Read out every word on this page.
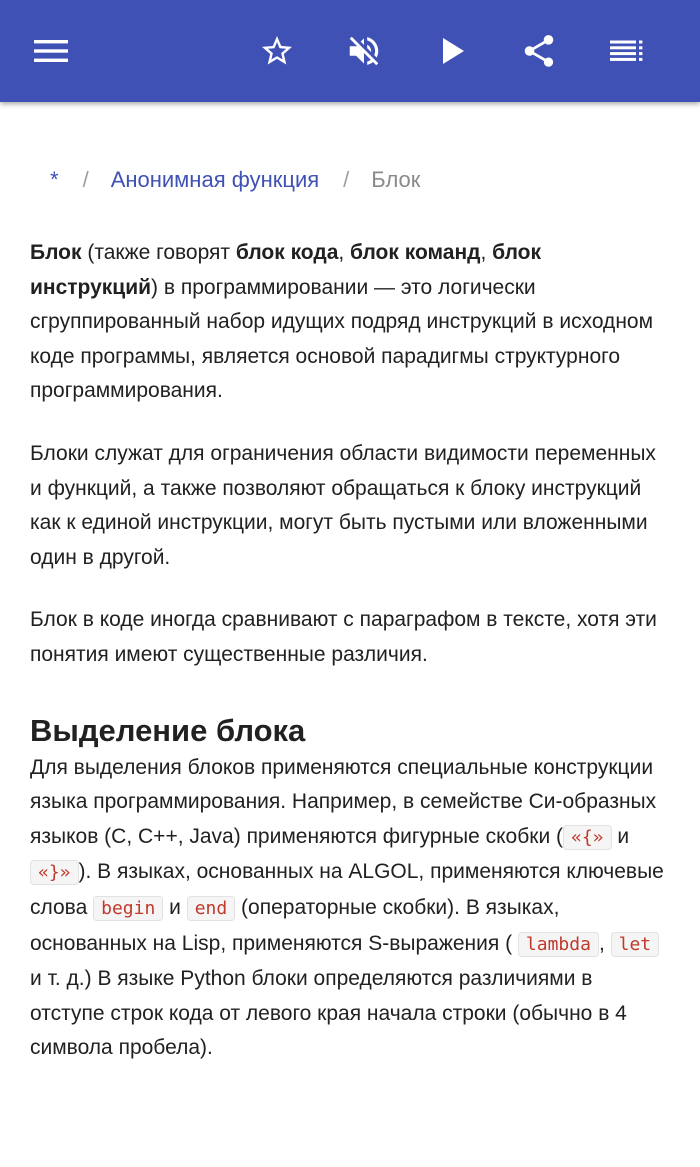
* / Анонимная функция / Блок

Блок (также говорят блок кода, блок команд, блок инструкций) в программировании — это логически сгруппированный набор идущих подряд инструкций в исходном коде программы, является основой парадигмы структурного программирования.

Блоки служат для ограничения области видимости переменных и функций, а также позволяют обращаться к блоку инструкций как к единой инструкции, могут быть пустыми или вложенными один в другой.

Блок в коде иногда сравнивают с параграфом в тексте, хотя эти понятия имеют существенные различия.

Выделение блока

Для выделения блоков применяются специальные конструкции языка программирования. Например, в семействе Си-образных языков (C, C++, Java) применяются фигурные скобки ( «{» и «}» ). В языках, основанных на ALGOL, применяются ключевые слова begin и end (операторные скобки). В языках, основанных на Lisp, применяются S-выражения ( lambda , let и т. д.) В языке Python блоки определяются различиями в отступе строк кода от левого края начала строки (обычно в 4 символа пробела).
